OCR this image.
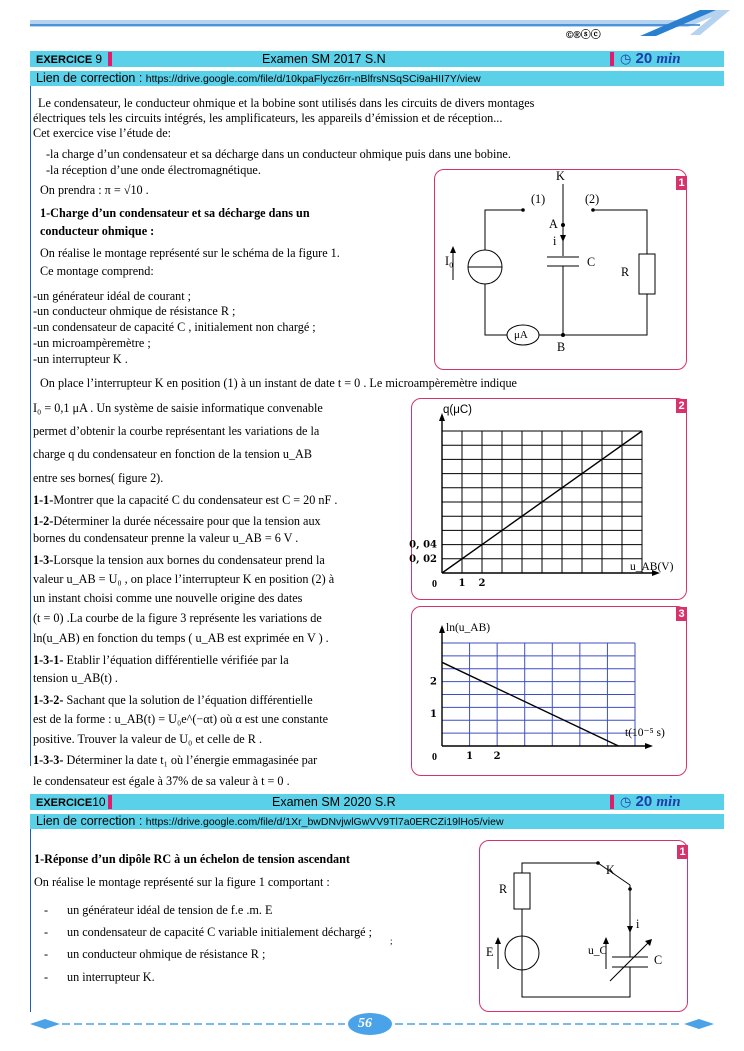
©®ⓢⓒ
EXERCICE 9	Examen SM 2017 S.N	◷ 20 min
Lien de correction : https://drive.google.com/file/d/10kpaFlycz6rr-nBlfrsNSqSCi9aHII7Y/view
Le condensateur, le conducteur ohmique et la bobine sont utilisés dans les circuits de divers montages
électriques tels les circuits intégrés, les amplificateurs, les appareils d’émission et de réception...
Cet exercice vise l’étude de:
-la charge d’un condensateur et sa décharge dans un conducteur ohmique puis dans une bobine.
-la réception d’une onde électromagnétique.
On prendra : π = √10 .
1-Charge d’un condensateur et sa décharge dans un
conducteur ohmique :
On réalise le montage représenté sur le schéma de la figure 1.
Ce montage comprend:
-un générateur idéal de courant ;
-un conducteur ohmique de résistance R ;
-un condensateur de capacité C , initialement non chargé ;
-un microampèremètre ;
-un interrupteur K .
On place l’interrupteur K en position (1) à un instant de date t = 0 . Le microampèremètre indique
I₀ = 0,1 μA . Un système de saisie informatique convenable
permet d’obtenir la courbe représentant les variations de la
charge q du condensateur en fonction de la tension u_AB
entre ses bornes( figure 2).
1-1-Montrer que la capacité C du condensateur est C = 20 nF .
1-2-Déterminer la durée nécessaire pour que la tension aux
bornes du condensateur prenne la valeur u_AB = 6 V .
1-3-Lorsque la tension aux bornes du condensateur prend la
valeur u_AB = U₀ , on place l’interrupteur K en position (2) à
un instant choisi comme une nouvelle origine des dates
(t = 0) .La courbe de la figure 3 représente les variations de
ln(u_AB) en fonction du temps ( u_AB est exprimée en V ) .
1-3-1- Etablir l’équation différentielle vérifiée par la
tension u_AB(t) .
1-3-2- Sachant que la solution de l’équation différentielle
est de la forme : u_AB(t) = U₀e^(−αt) où α est une constante
positive. Trouver la valeur de U₀ et celle de R .
1-3-3- Déterminer la date t₁ où l’énergie emmagasinée par
le condensateur est égale à 37% de sa valeur à t = 0 .
1
K
(1)	(2)
A
i
C
R
I₀
μA
B
2
1 2
0, 02
0, 04
q(μC)
u_AB(V)
0
3
1 2
1
2
ln(u_AB)
t(10⁻⁵ s)
0
EXERCICE10	Examen SM 2020 S.R	◷ 20 min
Lien de correction : https://drive.google.com/file/d/1Xr_bwDNvjwlGwVV9Tl7a0ERCZi19lHo5/view
1-Réponse d’un dipôle RC à un échelon de tension ascendant
On réalise le montage représenté sur la figure 1 comportant :
- un générateur idéal de tension de f.e .m. E
- un condensateur de capacité C variable initialement déchargé ;
;
- un conducteur ohmique de résistance R ;
- un interrupteur K.
1
R
K
E
i
u_C
C
56
